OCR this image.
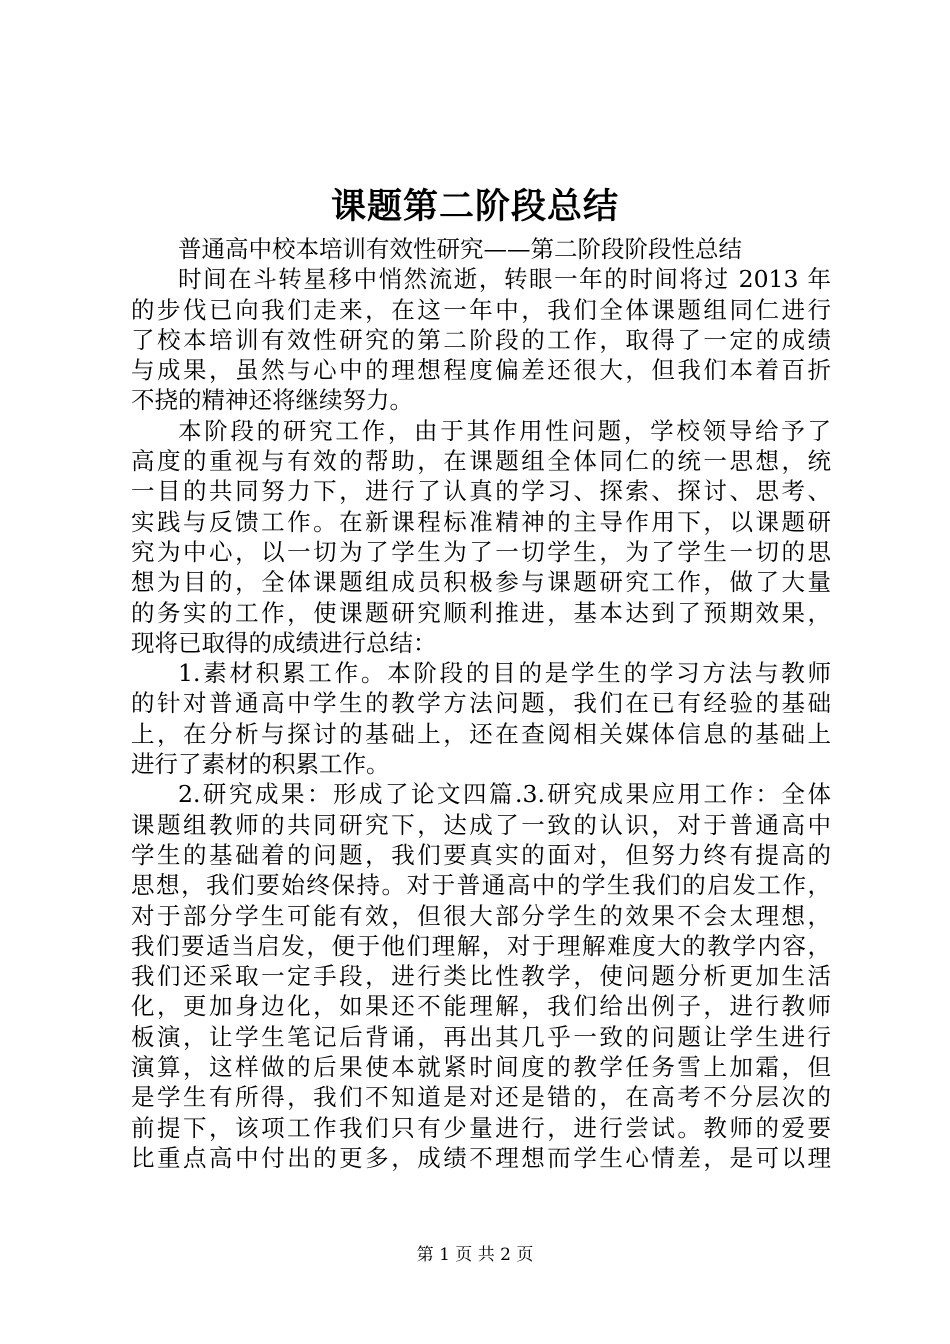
课题第二阶段总结
普通高中校本培训有效性研究——第二阶段阶段性总结
时间在斗转星移中悄然流逝，转眼一年的时间将过 2013 年
的步伐已向我们走来，在这一年中，我们全体课题组同仁进行
了校本培训有效性研究的第二阶段的工作，取得了一定的成绩
与成果，虽然与心中的理想程度偏差还很大，但我们本着百折
不挠的精神还将继续努力。
本阶段的研究工作，由于其作用性问题，学校领导给予了
高度的重视与有效的帮助，在课题组全体同仁的统一思想，统
一目的共同努力下，进行了认真的学习、探索、探讨、思考、
实践与反馈工作。在新课程标准精神的主导作用下，以课题研
究为中心，以一切为了学生为了一切学生，为了学生一切的思
想为目的，全体课题组成员积极参与课题研究工作，做了大量
的务实的工作，使课题研究顺利推进，基本达到了预期效果，
现将已取得的成绩进行总结：
1.素材积累工作。本阶段的目的是学生的学习方法与教师
的针对普通高中学生的教学方法问题，我们在已有经验的基础
上，在分析与探讨的基础上，还在查阅相关媒体信息的基础上
进行了素材的积累工作。
2.研究成果：形成了论文四篇.3.研究成果应用工作：全体
课题组教师的共同研究下，达成了一致的认识，对于普通高中
学生的基础着的问题，我们要真实的面对，但努力终有提高的
思想，我们要始终保持。对于普通高中的学生我们的启发工作，
对于部分学生可能有效，但很大部分学生的效果不会太理想，
我们要适当启发，便于他们理解，对于理解难度大的教学内容，
我们还采取一定手段，进行类比性教学，使问题分析更加生活
化，更加身边化，如果还不能理解，我们给出例子，进行教师
板演，让学生笔记后背诵，再出其几乎一致的问题让学生进行
演算，这样做的后果使本就紧时间度的教学任务雪上加霜，但
是学生有所得，我们不知道是对还是错的，在高考不分层次的
前提下，该项工作我们只有少量进行，进行尝试。教师的爱要
比重点高中付出的更多，成绩不理想而学生心情差，是可以理
第 1 页 共 2 页
